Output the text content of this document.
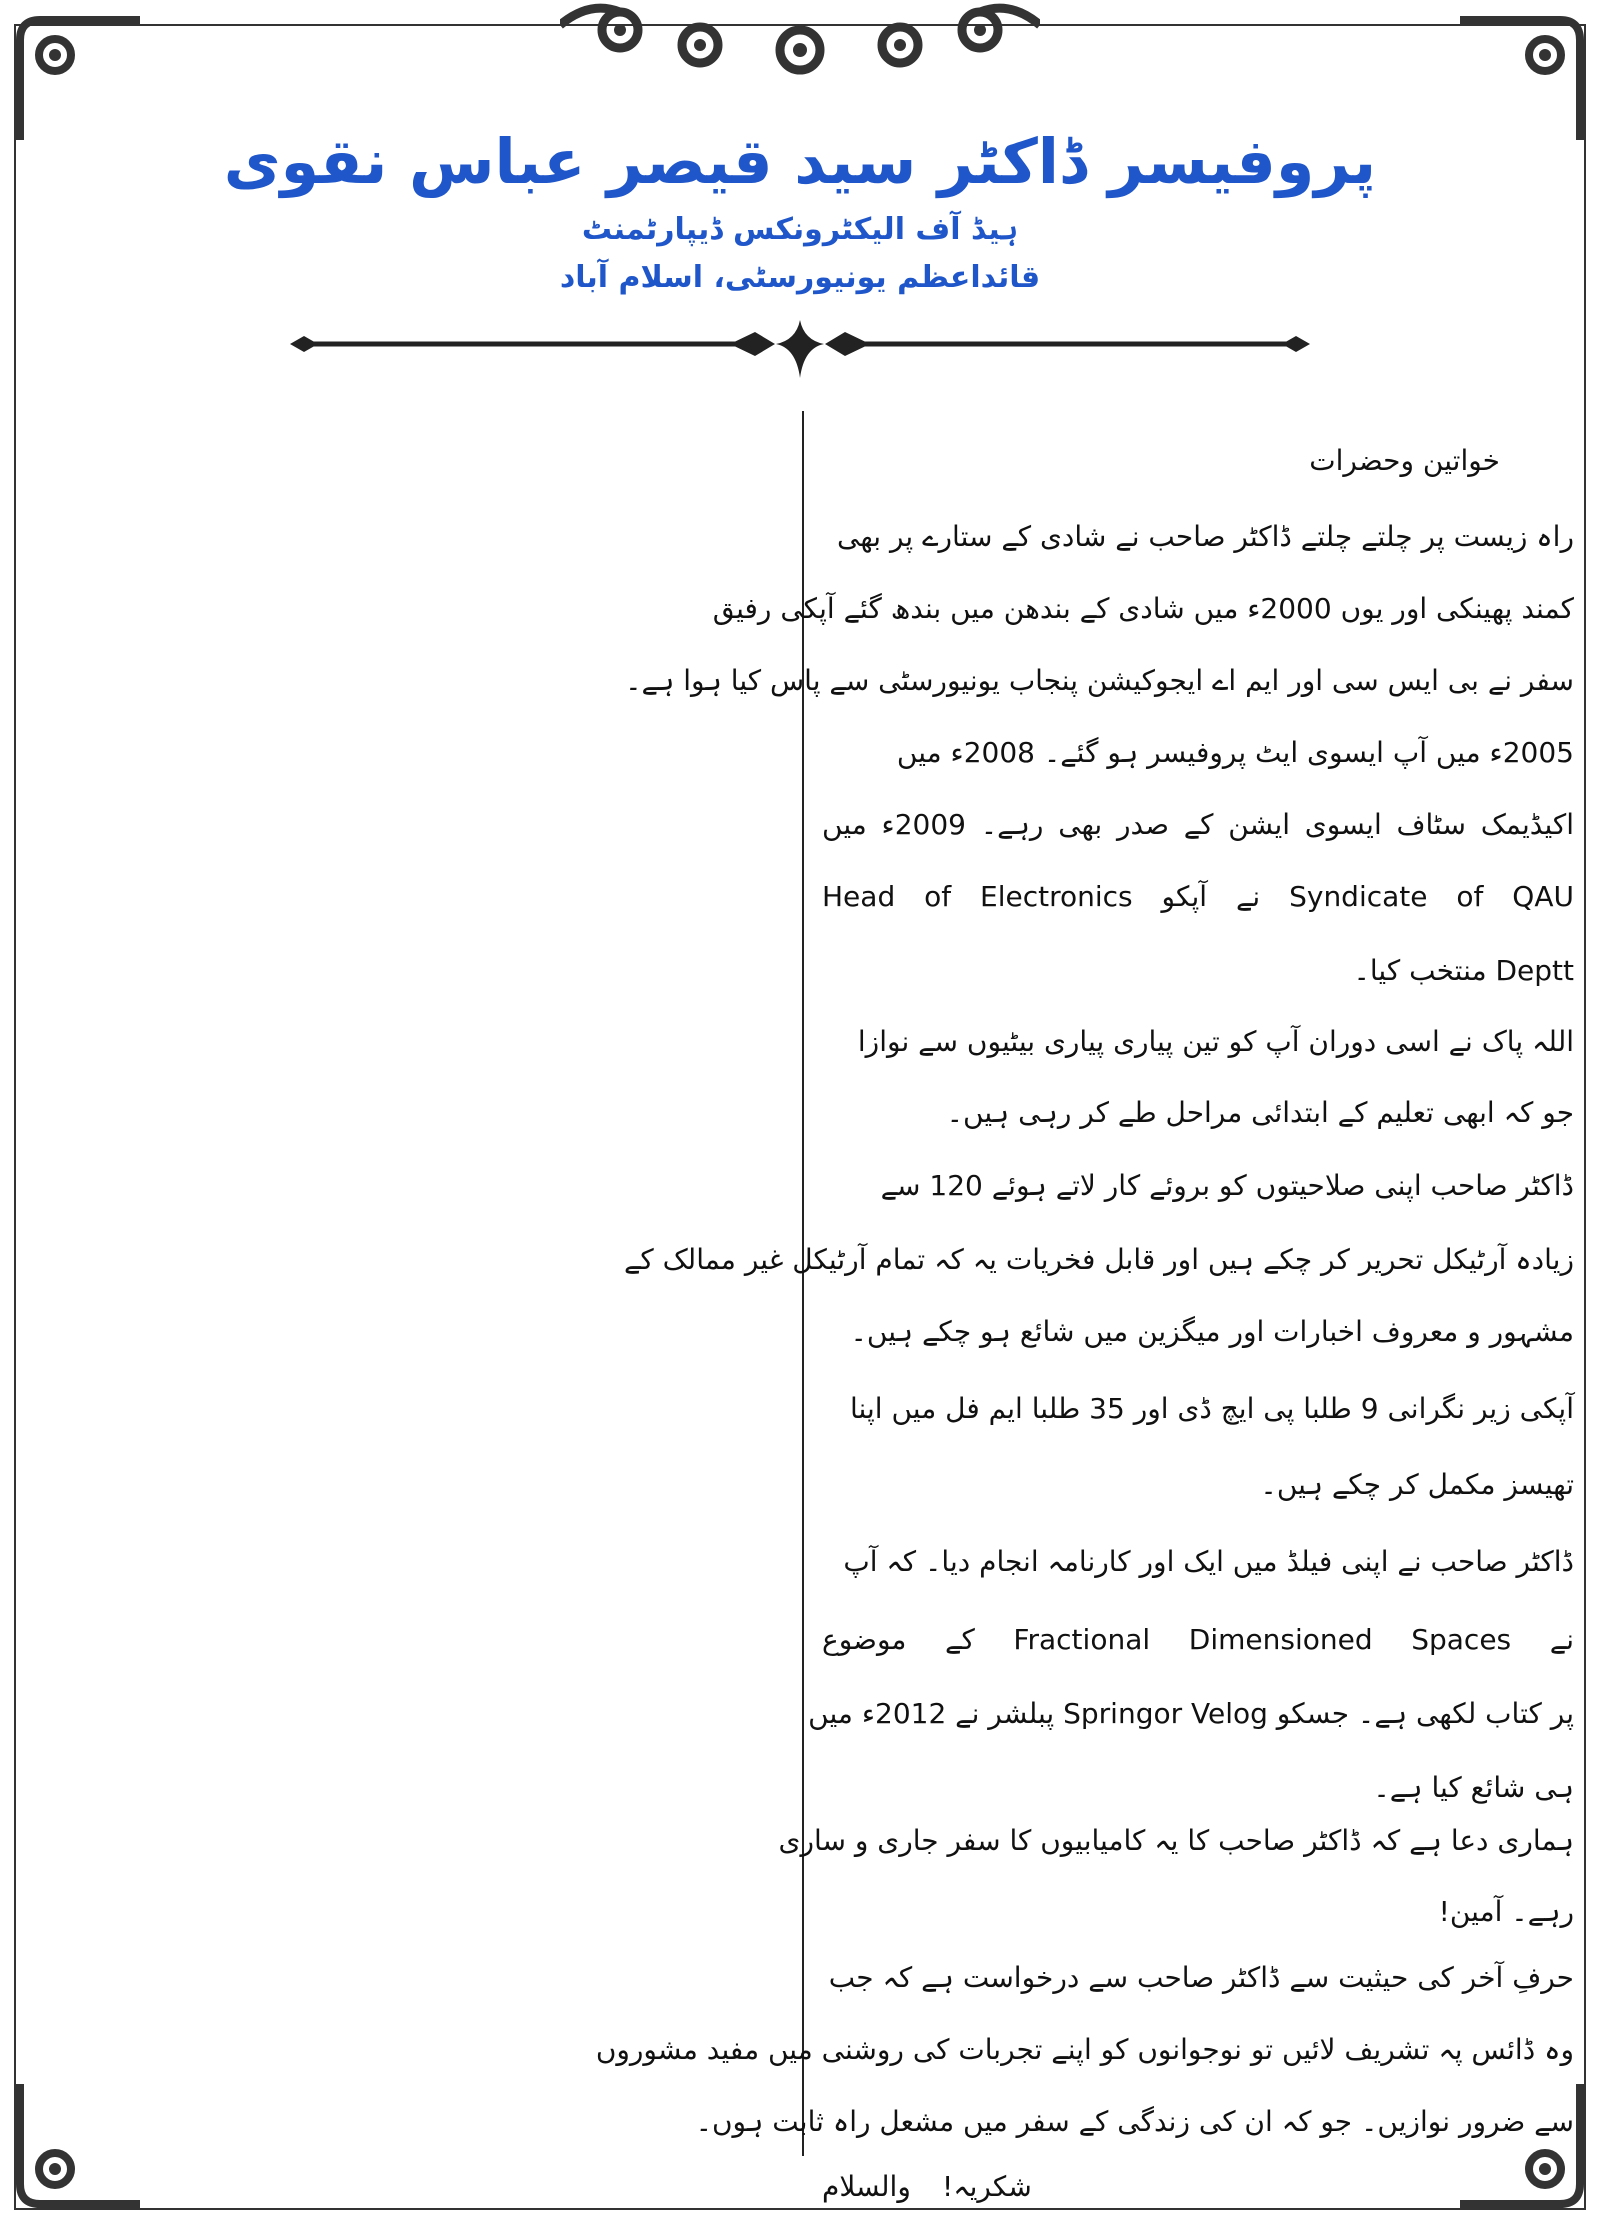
پروفیسر ڈاکٹر سید قیصر عباس نقوی
ہیڈ آف الیکٹرونکس ڈیپارٹمنٹ
قائداعظم یونیورسٹی، اسلام آباد
خواتین وحضرات
راہ زیست پر چلتے چلتے ڈاکٹر صاحب نے شادی کے ستارے پر بھی
کمند پھینکی اور یوں 2000ء میں شادی کے بندھن میں بندھ گئے آپکی رفیق
سفر نے بی ایس سی اور ایم اے ایجوکیشن پنجاب یونیورسٹی سے پاس کیا ہوا ہے۔
2005ء میں آپ ایسوی ایٹ پروفیسر ہو گئے۔ 2008ء میں
اکیڈیمک سٹاف ایسوی ایشن کے صدر بھی رہے۔ 2009ء میں
Syndicate of QAU نے آپکو Head of Electronics
Deptt منتخب کیا۔
اللہ پاک نے اسی دوران آپ کو تین پیاری پیاری بیٹیوں سے نوازا
جو کہ ابھی تعلیم کے ابتدائی مراحل طے کر رہی ہیں۔
ڈاکٹر صاحب اپنی صلاحیتوں کو بروئے کار لاتے ہوئے 120 سے
زیادہ آرٹیکل تحریر کر چکے ہیں اور قابل فخریات یہ کہ تمام آرٹیکل غیر ممالک کے
مشہور و معروف اخبارات اور میگزین میں شائع ہو چکے ہیں۔
آپکی زیر نگرانی 9 طلبا پی ایچ ڈی اور 35 طلبا ایم فل میں اپنا
تھیسز مکمل کر چکے ہیں۔
ڈاکٹر صاحب نے اپنی فیلڈ میں ایک اور کارنامہ انجام دیا۔ کہ آپ
نے Fractional Dimensioned Spaces کے موضوع
پر کتاب لکھی ہے۔ جسکو Springor Velog پبلشر نے 2012ء میں
ہی شائع کیا ہے۔
ہماری دعا ہے کہ ڈاکٹر صاحب کا یہ کامیابیوں کا سفر جاری و ساری
رہے۔ آمین!
حرفِ آخر کی حیثیت سے ڈاکٹر صاحب سے درخواست ہے کہ جب
وہ ڈائس پہ تشریف لائیں تو نوجوانوں کو اپنے تجربات کی روشنی میں مفید مشوروں
سے ضرور نوازیں۔ جو کہ ان کی زندگی کے سفر میں مشعل راہ ثابت ہوں۔
شکریہ!
والسلام
